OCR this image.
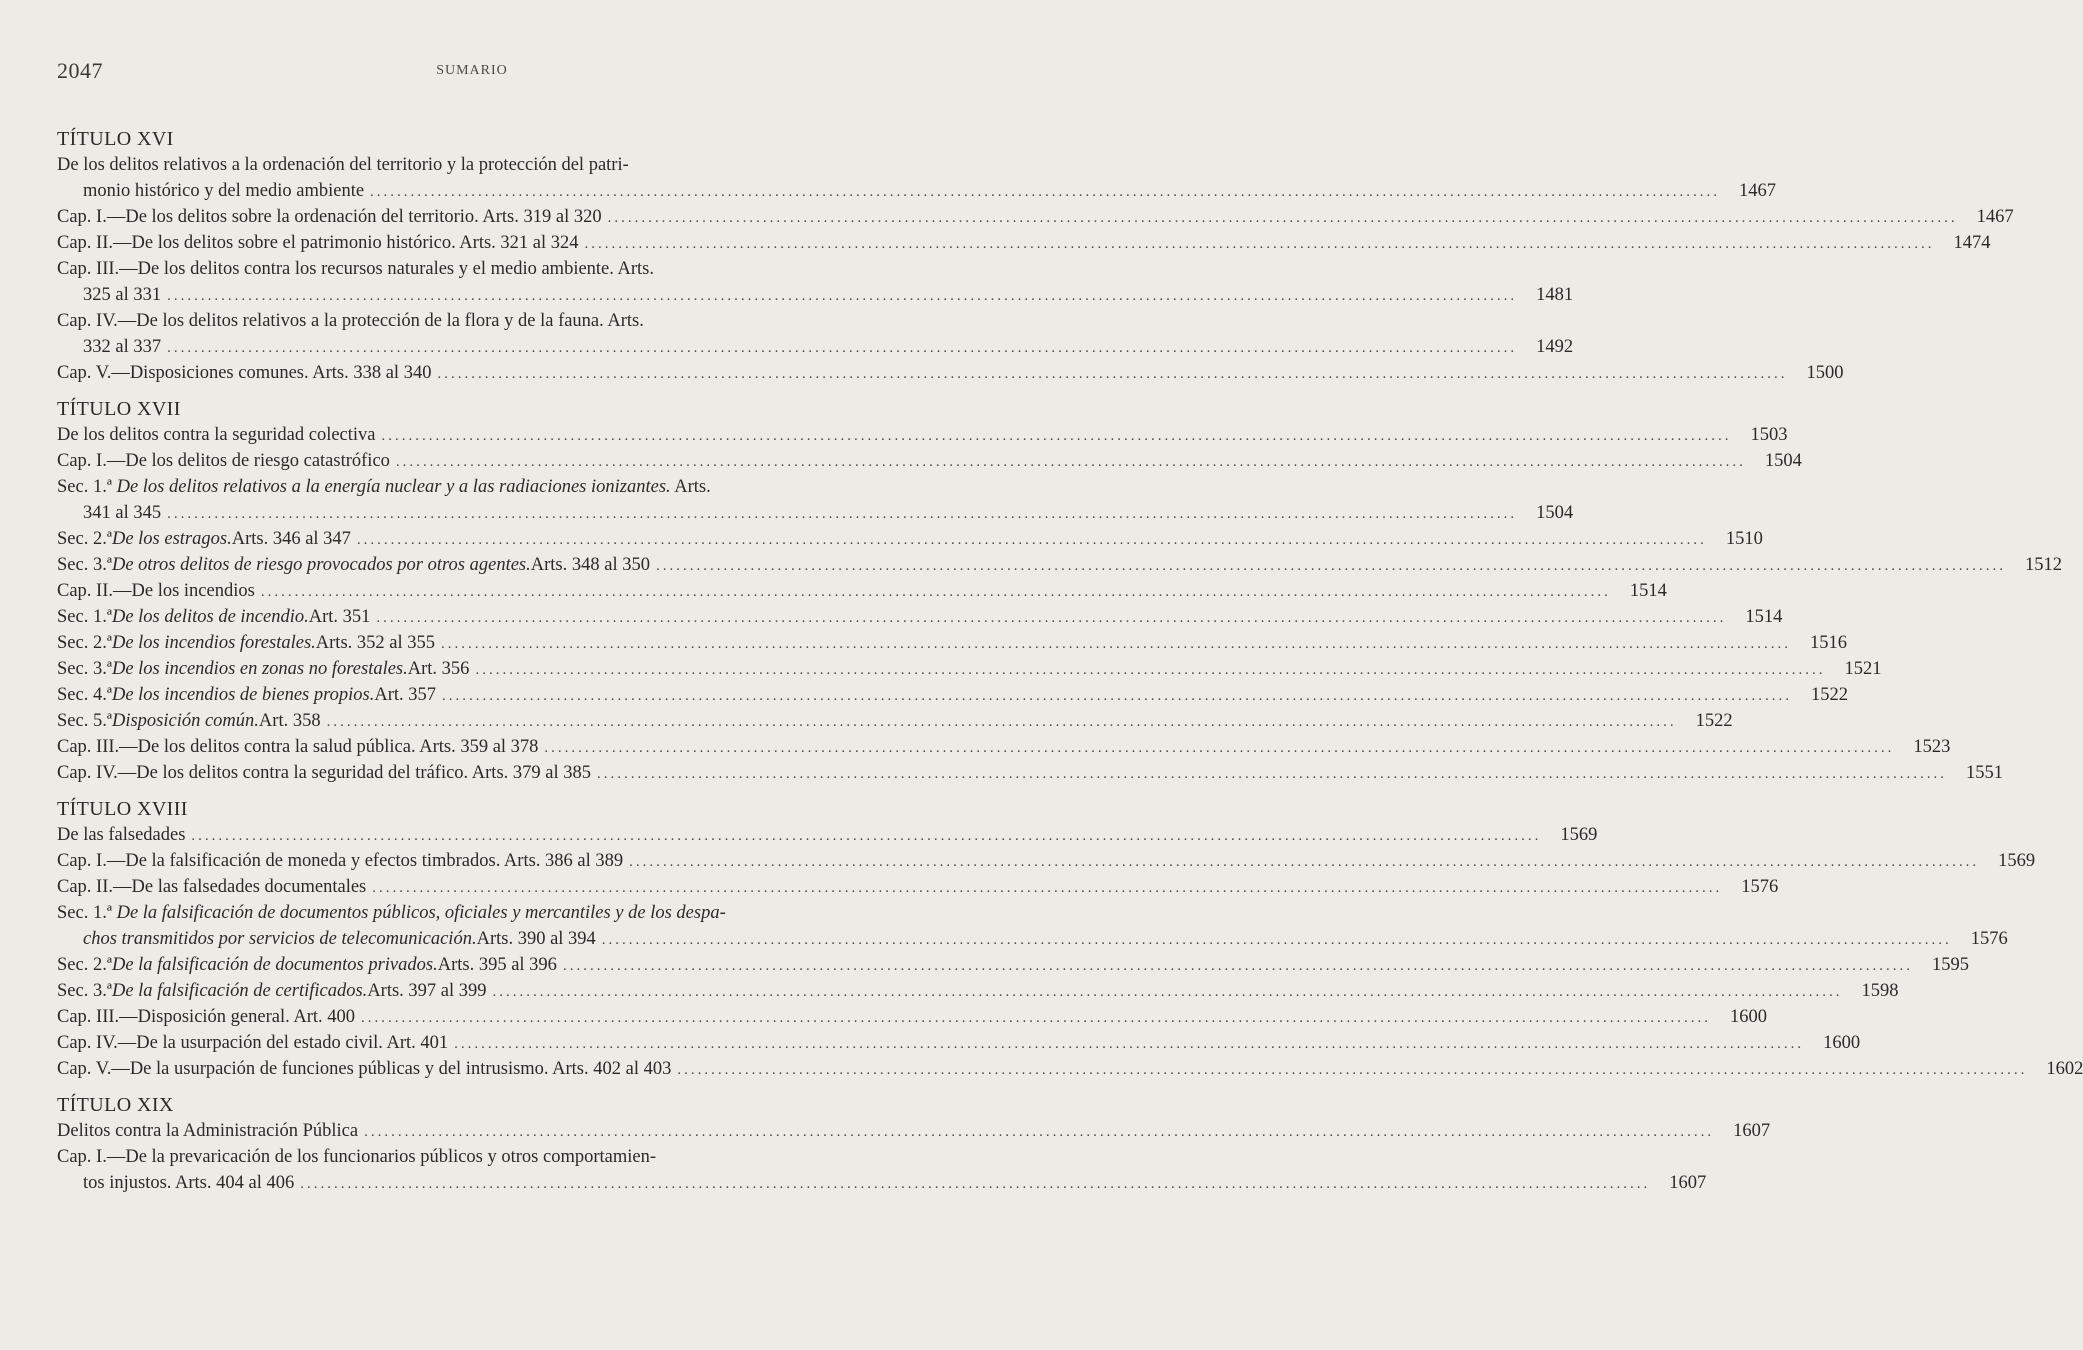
2047	SUMARIO
TÍTULO XVI
De los delitos relativos a la ordenación del territorio y la protección del patri-
monio histórico y del medio ambiente ........................................................................................................................................................................................................	1467
Cap. I.—De los delitos sobre la ordenación del territorio. Arts. 319 al 320 ........................................................................................................................................................................................................	1467
Cap. II.—De los delitos sobre el patrimonio histórico. Arts. 321 al 324 ........................................................................................................................................................................................................	1474
Cap. III.—De los delitos contra los recursos naturales y el medio ambiente. Arts.
325 al 331 ........................................................................................................................................................................................................	1481
Cap. IV.—De los delitos relativos a la protección de la flora y de la fauna. Arts.
332 al 337 ........................................................................................................................................................................................................	1492
Cap. V.—Disposiciones comunes. Arts. 338 al 340 ........................................................................................................................................................................................................	1500
TÍTULO XVII
De los delitos contra la seguridad colectiva ........................................................................................................................................................................................................	1503
Cap. I.—De los delitos de riesgo catastrófico ........................................................................................................................................................................................................	1504
Sec. 1.ª De los delitos relativos a la energía nuclear y a las radiaciones ionizantes. Arts.
341 al 345 ........................................................................................................................................................................................................	1504
Sec. 2.ª De los estragos. Arts. 346 al 347 ........................................................................................................................................................................................................	1510
Sec. 3.ª De otros delitos de riesgo provocados por otros agentes. Arts. 348 al 350 ........................................................................................................................................................................................................	1512
Cap. II.—De los incendios ........................................................................................................................................................................................................	1514
Sec. 1.ª De los delitos de incendio. Art. 351 ........................................................................................................................................................................................................	1514
Sec. 2.ª De los incendios forestales. Arts. 352 al 355 ........................................................................................................................................................................................................	1516
Sec. 3.ª De los incendios en zonas no forestales. Art. 356 ........................................................................................................................................................................................................	1521
Sec. 4.ª De los incendios de bienes propios. Art. 357 ........................................................................................................................................................................................................	1522
Sec. 5.ª Disposición común. Art. 358 ........................................................................................................................................................................................................	1522
Cap. III.—De los delitos contra la salud pública. Arts. 359 al 378 ........................................................................................................................................................................................................	1523
Cap. IV.—De los delitos contra la seguridad del tráfico. Arts. 379 al 385 ........................................................................................................................................................................................................	1551
TÍTULO XVIII
De las falsedades ........................................................................................................................................................................................................	1569
Cap. I.—De la falsificación de moneda y efectos timbrados. Arts. 386 al 389 ........................................................................................................................................................................................................	1569
Cap. II.—De las falsedades documentales ........................................................................................................................................................................................................	1576
Sec. 1.ª De la falsificación de documentos públicos, oficiales y mercantiles y de los despa-
chos transmitidos por servicios de telecomunicación. Arts. 390 al 394 ........................................................................................................................................................................................................	1576
Sec. 2.ª De la falsificación de documentos privados. Arts. 395 al 396 ........................................................................................................................................................................................................	1595
Sec. 3.ª De la falsificación de certificados. Arts. 397 al 399 ........................................................................................................................................................................................................	1598
Cap. III.—Disposición general. Art. 400 ........................................................................................................................................................................................................	1600
Cap. IV.—De la usurpación del estado civil. Art. 401 ........................................................................................................................................................................................................	1600
Cap. V.—De la usurpación de funciones públicas y del intrusismo. Arts. 402 al 403 ........................................................................................................................................................................................................	1602
TÍTULO XIX
Delitos contra la Administración Pública ........................................................................................................................................................................................................	1607
Cap. I.—De la prevaricación de los funcionarios públicos y otros comportamien-
tos injustos. Arts. 404 al 406 ........................................................................................................................................................................................................	1607
